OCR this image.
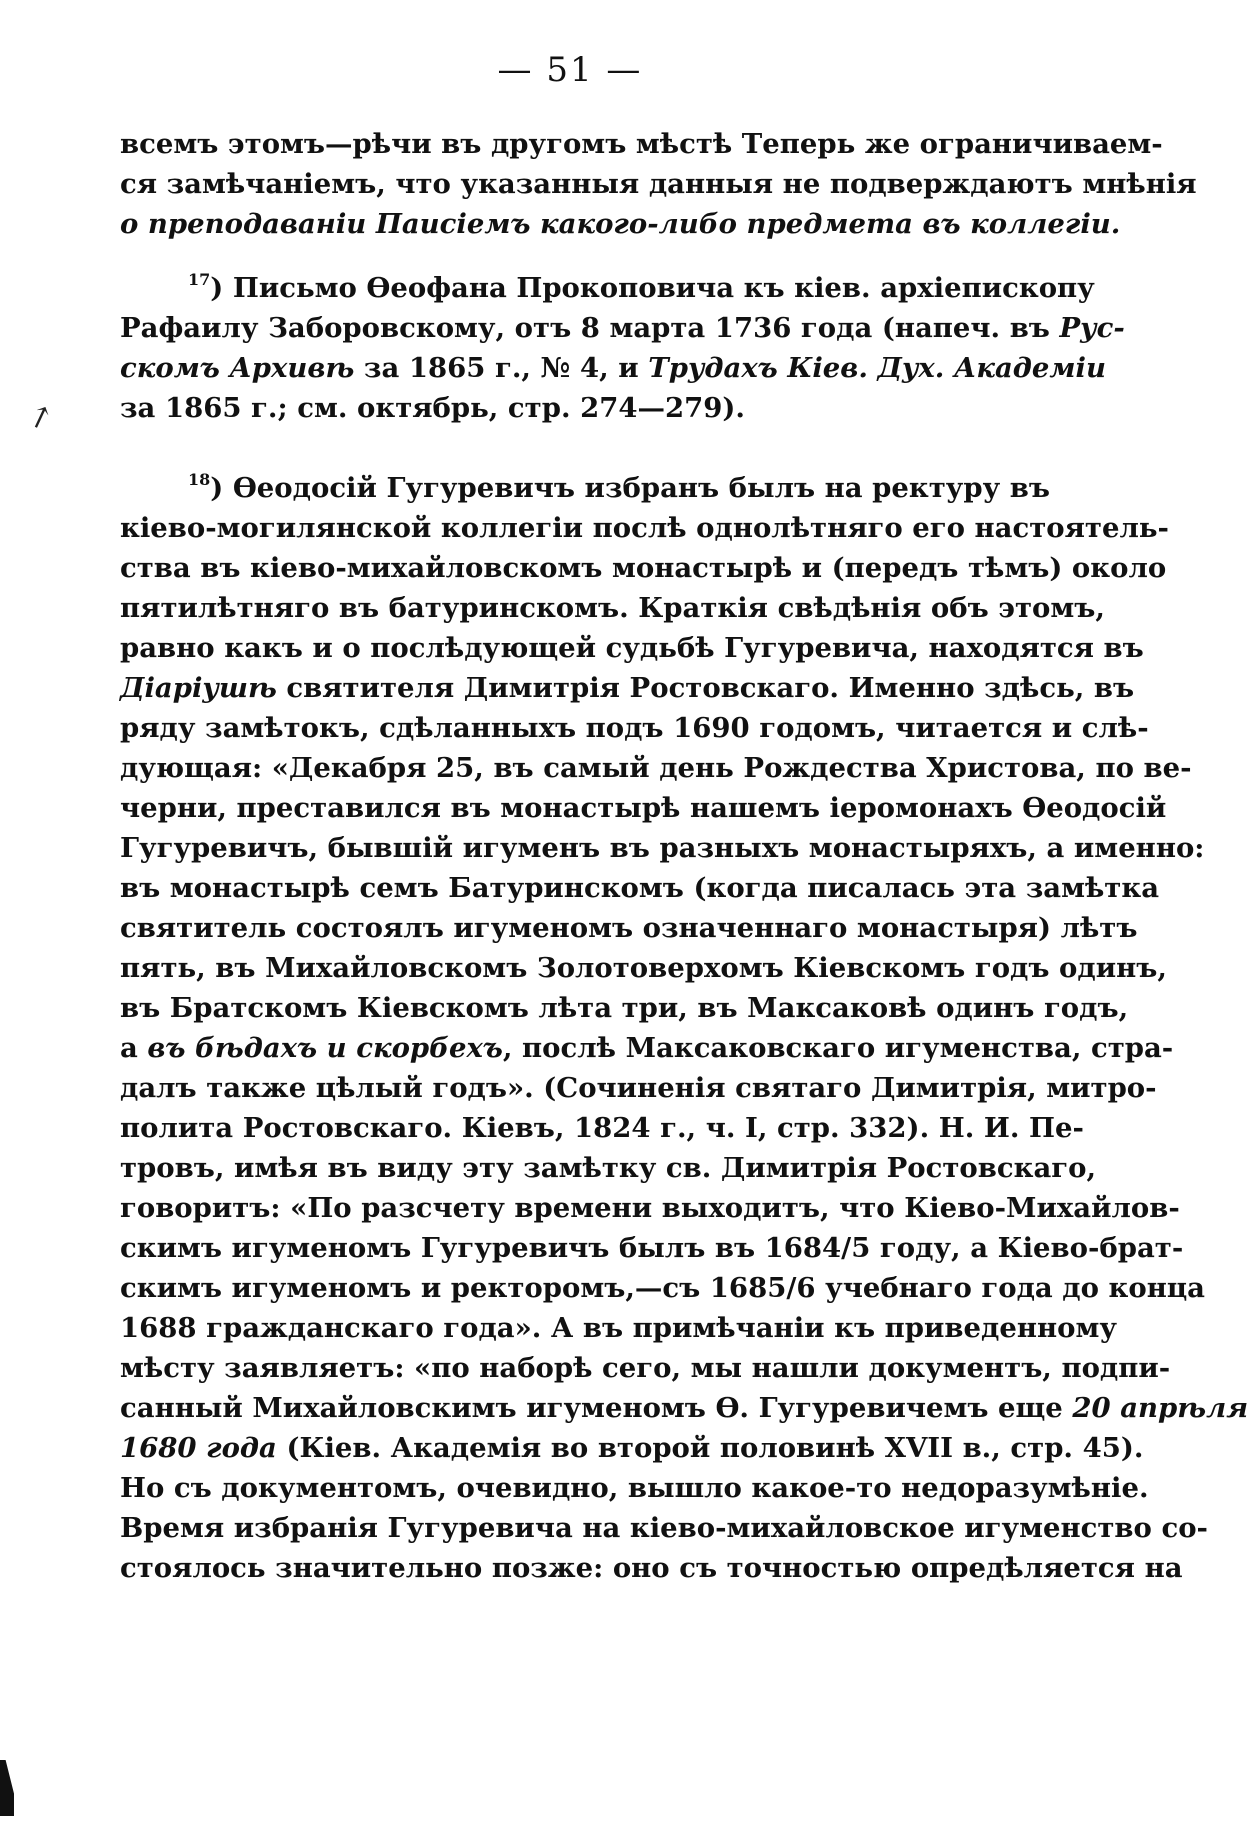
— 51 —
↗
всемъ этомъ—рѣчи въ другомъ мѣстѣ Теперь же ограничиваем-
ся замѣчаніемъ, что указанныя данныя не подверждаютъ мнѣнія
о преподаваніи Паисіемъ какого-либо предмета въ коллегіи.
$^{17}$) Письмо Ѳеофана Прокоповича къ кіев. архіепископу
Рафаилу Заборовскому, отъ 8 марта 1736 года (напеч. въ Рус-
скомъ Архивѣ за 1865 г., № 4, и Трудахъ Кіев. Дух. Академіи
за 1865 г.; см. октябрь, стр. 274—279).
$^{18}$) Ѳеодосій Гугуревичъ избранъ былъ на ректуру въ
кіево-могилянской коллегіи послѣ однолѣтняго его настоятель-
ства въ кіево-михайловскомъ монастырѣ и (передъ тѣмъ) около
пятилѣтняго въ батуринскомъ. Краткія свѣдѣнія объ этомъ,
равно какъ и о послѣдующей судьбѣ Гугуревича, находятся въ
Діаріушѣ святителя Димитрія Ростовскаго. Именно здѣсь, въ
ряду замѣтокъ, сдѣланныхъ подъ 1690 годомъ, читается и слѣ-
дующая: «Декабря 25, въ самый день Рождества Христова, по ве-
черни, преставился въ монастырѣ нашемъ іеромонахъ Ѳеодосій
Гугуревичъ, бывшій игуменъ въ разныхъ монастыряхъ, а именно:
въ монастырѣ семъ Батуринскомъ (когда писалась эта замѣтка
святитель состоялъ игуменомъ означеннаго монастыря) лѣтъ
пять, въ Михайловскомъ Золотоверхомъ Кіевскомъ годъ одинъ,
въ Братскомъ Кіевскомъ лѣта три, въ Максаковѣ одинъ годъ,
а въ бѣдахъ и скорбехъ, послѣ Максаковскаго игуменства, стра-
далъ также цѣлый годъ». (Сочиненія святаго Димитрія, митро-
полита Ростовскаго. Кіевъ, 1824 г., ч. I, стр. 332). Н. И. Пе-
тровъ, имѣя въ виду эту замѣтку св. Димитрія Ростовскаго,
говоритъ: «По разсчету времени выходитъ, что Кіево-Михайлов-
скимъ игуменомъ Гугуревичъ былъ въ 1684/5 году, а Кіево-брат-
скимъ игуменомъ и ректоромъ,—съ 1685/6 учебнаго года до конца
1688 гражданскаго года». А въ примѣчаніи къ приведенному
мѣсту заявляетъ: «по наборѣ сего, мы нашли документъ, подпи-
санный Михайловскимъ игуменомъ Ѳ. Гугуревичемъ еще 20 апрѣля
1680 года (Кіев. Академія во второй половинѣ XVII в., стр. 45).
Но съ документомъ, очевидно, вышло какое-то недоразумѣніе.
Время избранія Гугуревича на кіево-михайловское игуменство со-
стоялось значительно позже: оно съ точностью опредѣляется на
